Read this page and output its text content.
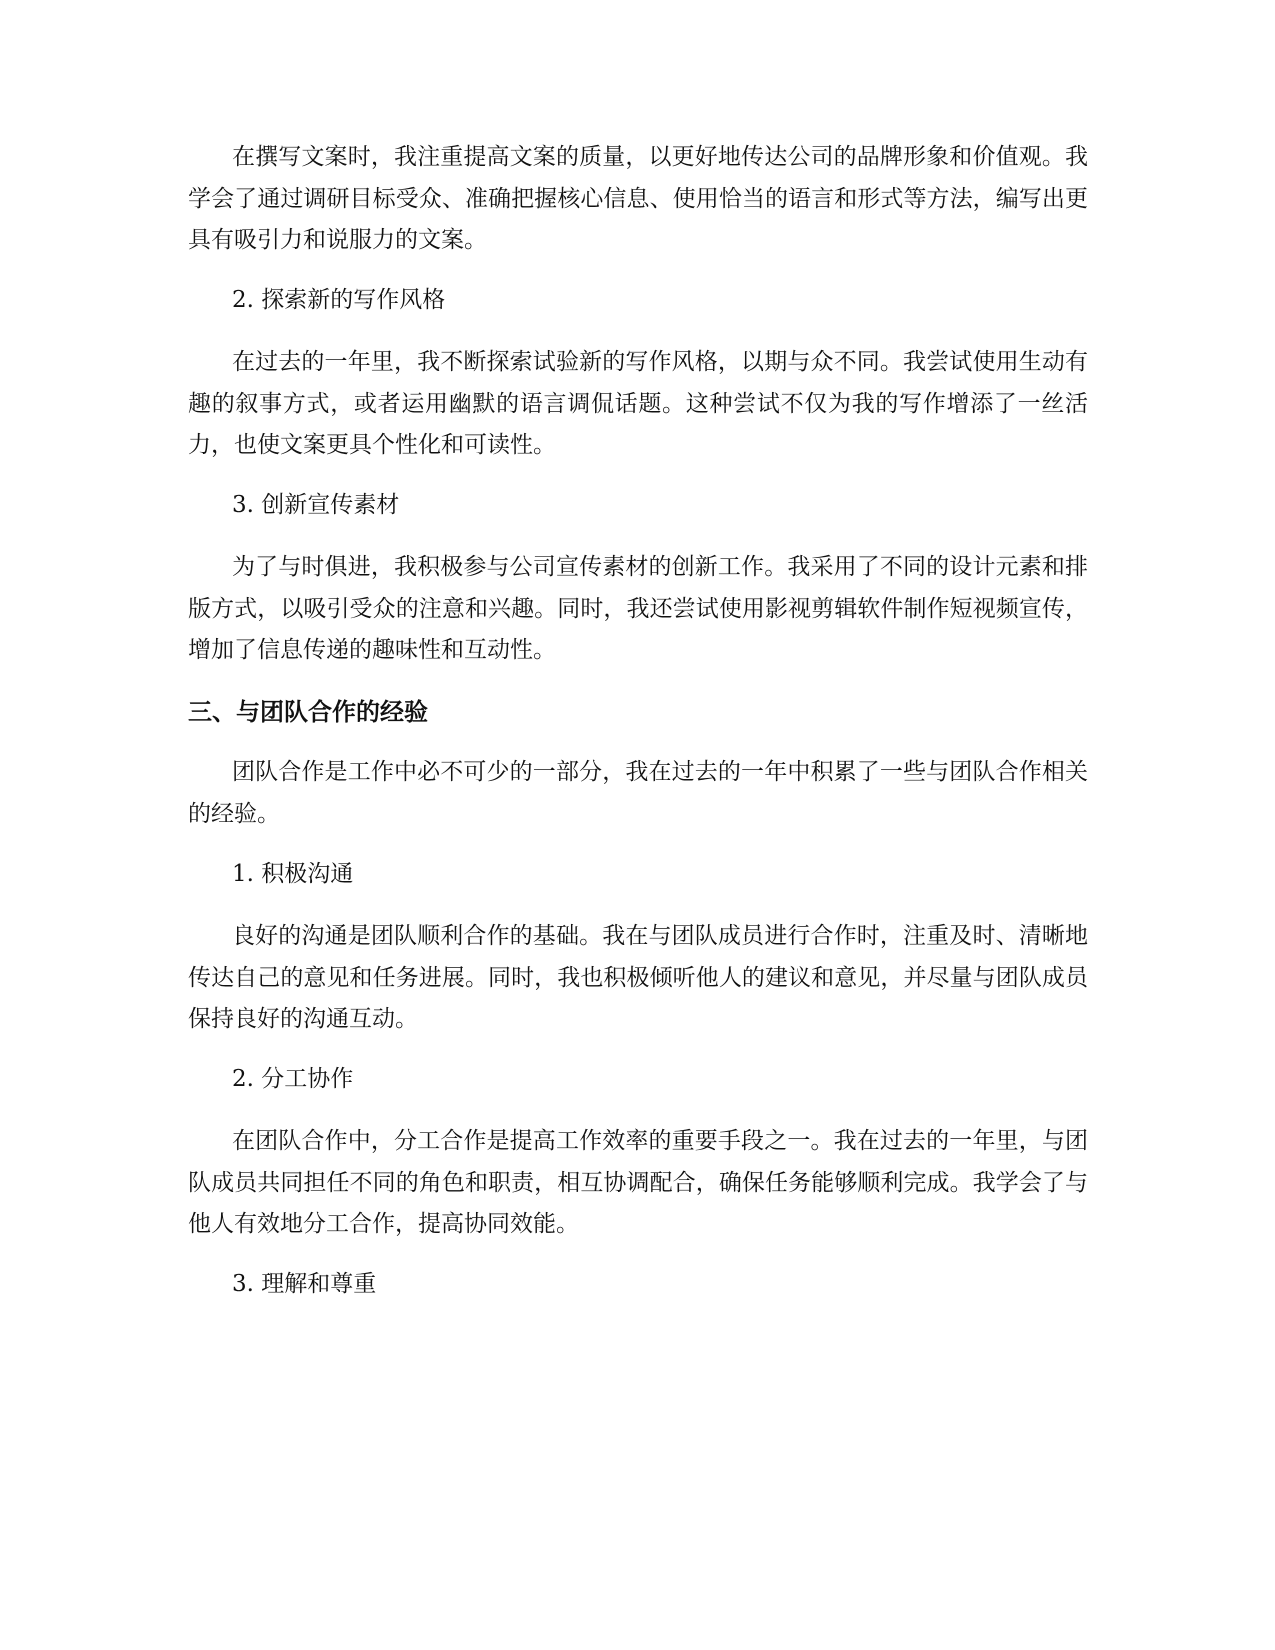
在撰写文案时，我注重提高文案的质量，以更好地传达公司的品牌形象和价值观。我学会了通过调研目标受众、准确把握核心信息、使用恰当的语言和形式等方法，编写出更具有吸引力和说服力的文案。

2. 探索新的写作风格

在过去的一年里，我不断探索试验新的写作风格，以期与众不同。我尝试使用生动有趣的叙事方式，或者运用幽默的语言调侃话题。这种尝试不仅为我的写作增添了一丝活力，也使文案更具个性化和可读性。

3. 创新宣传素材

为了与时俱进，我积极参与公司宣传素材的创新工作。我采用了不同的设计元素和排版方式，以吸引受众的注意和兴趣。同时，我还尝试使用影视剪辑软件制作短视频宣传，增加了信息传递的趣味性和互动性。

三、与团队合作的经验

团队合作是工作中必不可少的一部分，我在过去的一年中积累了一些与团队合作相关的经验。

1. 积极沟通

良好的沟通是团队顺利合作的基础。我在与团队成员进行合作时，注重及时、清晰地传达自己的意见和任务进展。同时，我也积极倾听他人的建议和意见，并尽量与团队成员保持良好的沟通互动。

2. 分工协作

在团队合作中，分工合作是提高工作效率的重要手段之一。我在过去的一年里，与团队成员共同担任不同的角色和职责，相互协调配合，确保任务能够顺利完成。我学会了与他人有效地分工合作，提高协同效能。

3. 理解和尊重
